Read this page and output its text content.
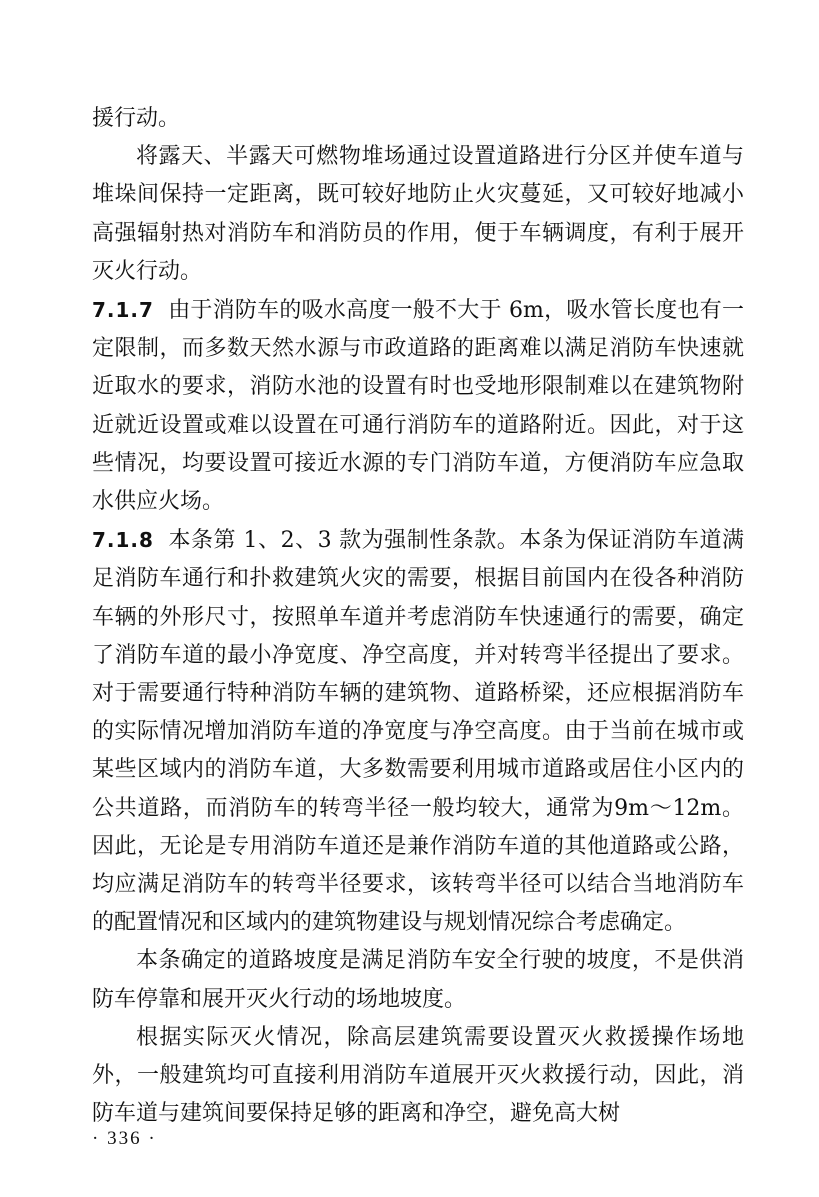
援行动。

将露天、半露天可燃物堆场通过设置道路进行分区并使车道与堆垛间保持一定距离，既可较好地防止火灾蔓延，又可较好地减小高强辐射热对消防车和消防员的作用，便于车辆调度，有利于展开灭火行动。

7.1.7 由于消防车的吸水高度一般不大于 6m，吸水管长度也有一定限制，而多数天然水源与市政道路的距离难以满足消防车快速就近取水的要求，消防水池的设置有时也受地形限制难以在建筑物附近就近设置或难以设置在可通行消防车的道路附近。因此，对于这些情况，均要设置可接近水源的专门消防车道，方便消防车应急取水供应火场。

7.1.8 本条第 1、2、3 款为强制性条款。本条为保证消防车道满足消防车通行和扑救建筑火灾的需要，根据目前国内在役各种消防车辆的外形尺寸，按照单车道并考虑消防车快速通行的需要，确定了消防车道的最小净宽度、净空高度，并对转弯半径提出了要求。对于需要通行特种消防车辆的建筑物、道路桥梁，还应根据消防车的实际情况增加消防车道的净宽度与净空高度。由于当前在城市或某些区域内的消防车道，大多数需要利用城市道路或居住小区内的公共道路，而消防车的转弯半径一般均较大，通常为9m～12m。因此，无论是专用消防车道还是兼作消防车道的其他道路或公路，均应满足消防车的转弯半径要求，该转弯半径可以结合当地消防车的配置情况和区域内的建筑物建设与规划情况综合考虑确定。

本条确定的道路坡度是满足消防车安全行驶的坡度，不是供消防车停靠和展开灭火行动的场地坡度。

根据实际灭火情况，除高层建筑需要设置灭火救援操作场地外，一般建筑均可直接利用消防车道展开灭火救援行动，因此，消防车道与建筑间要保持足够的距离和净空，避免高大树

· 336 ·
